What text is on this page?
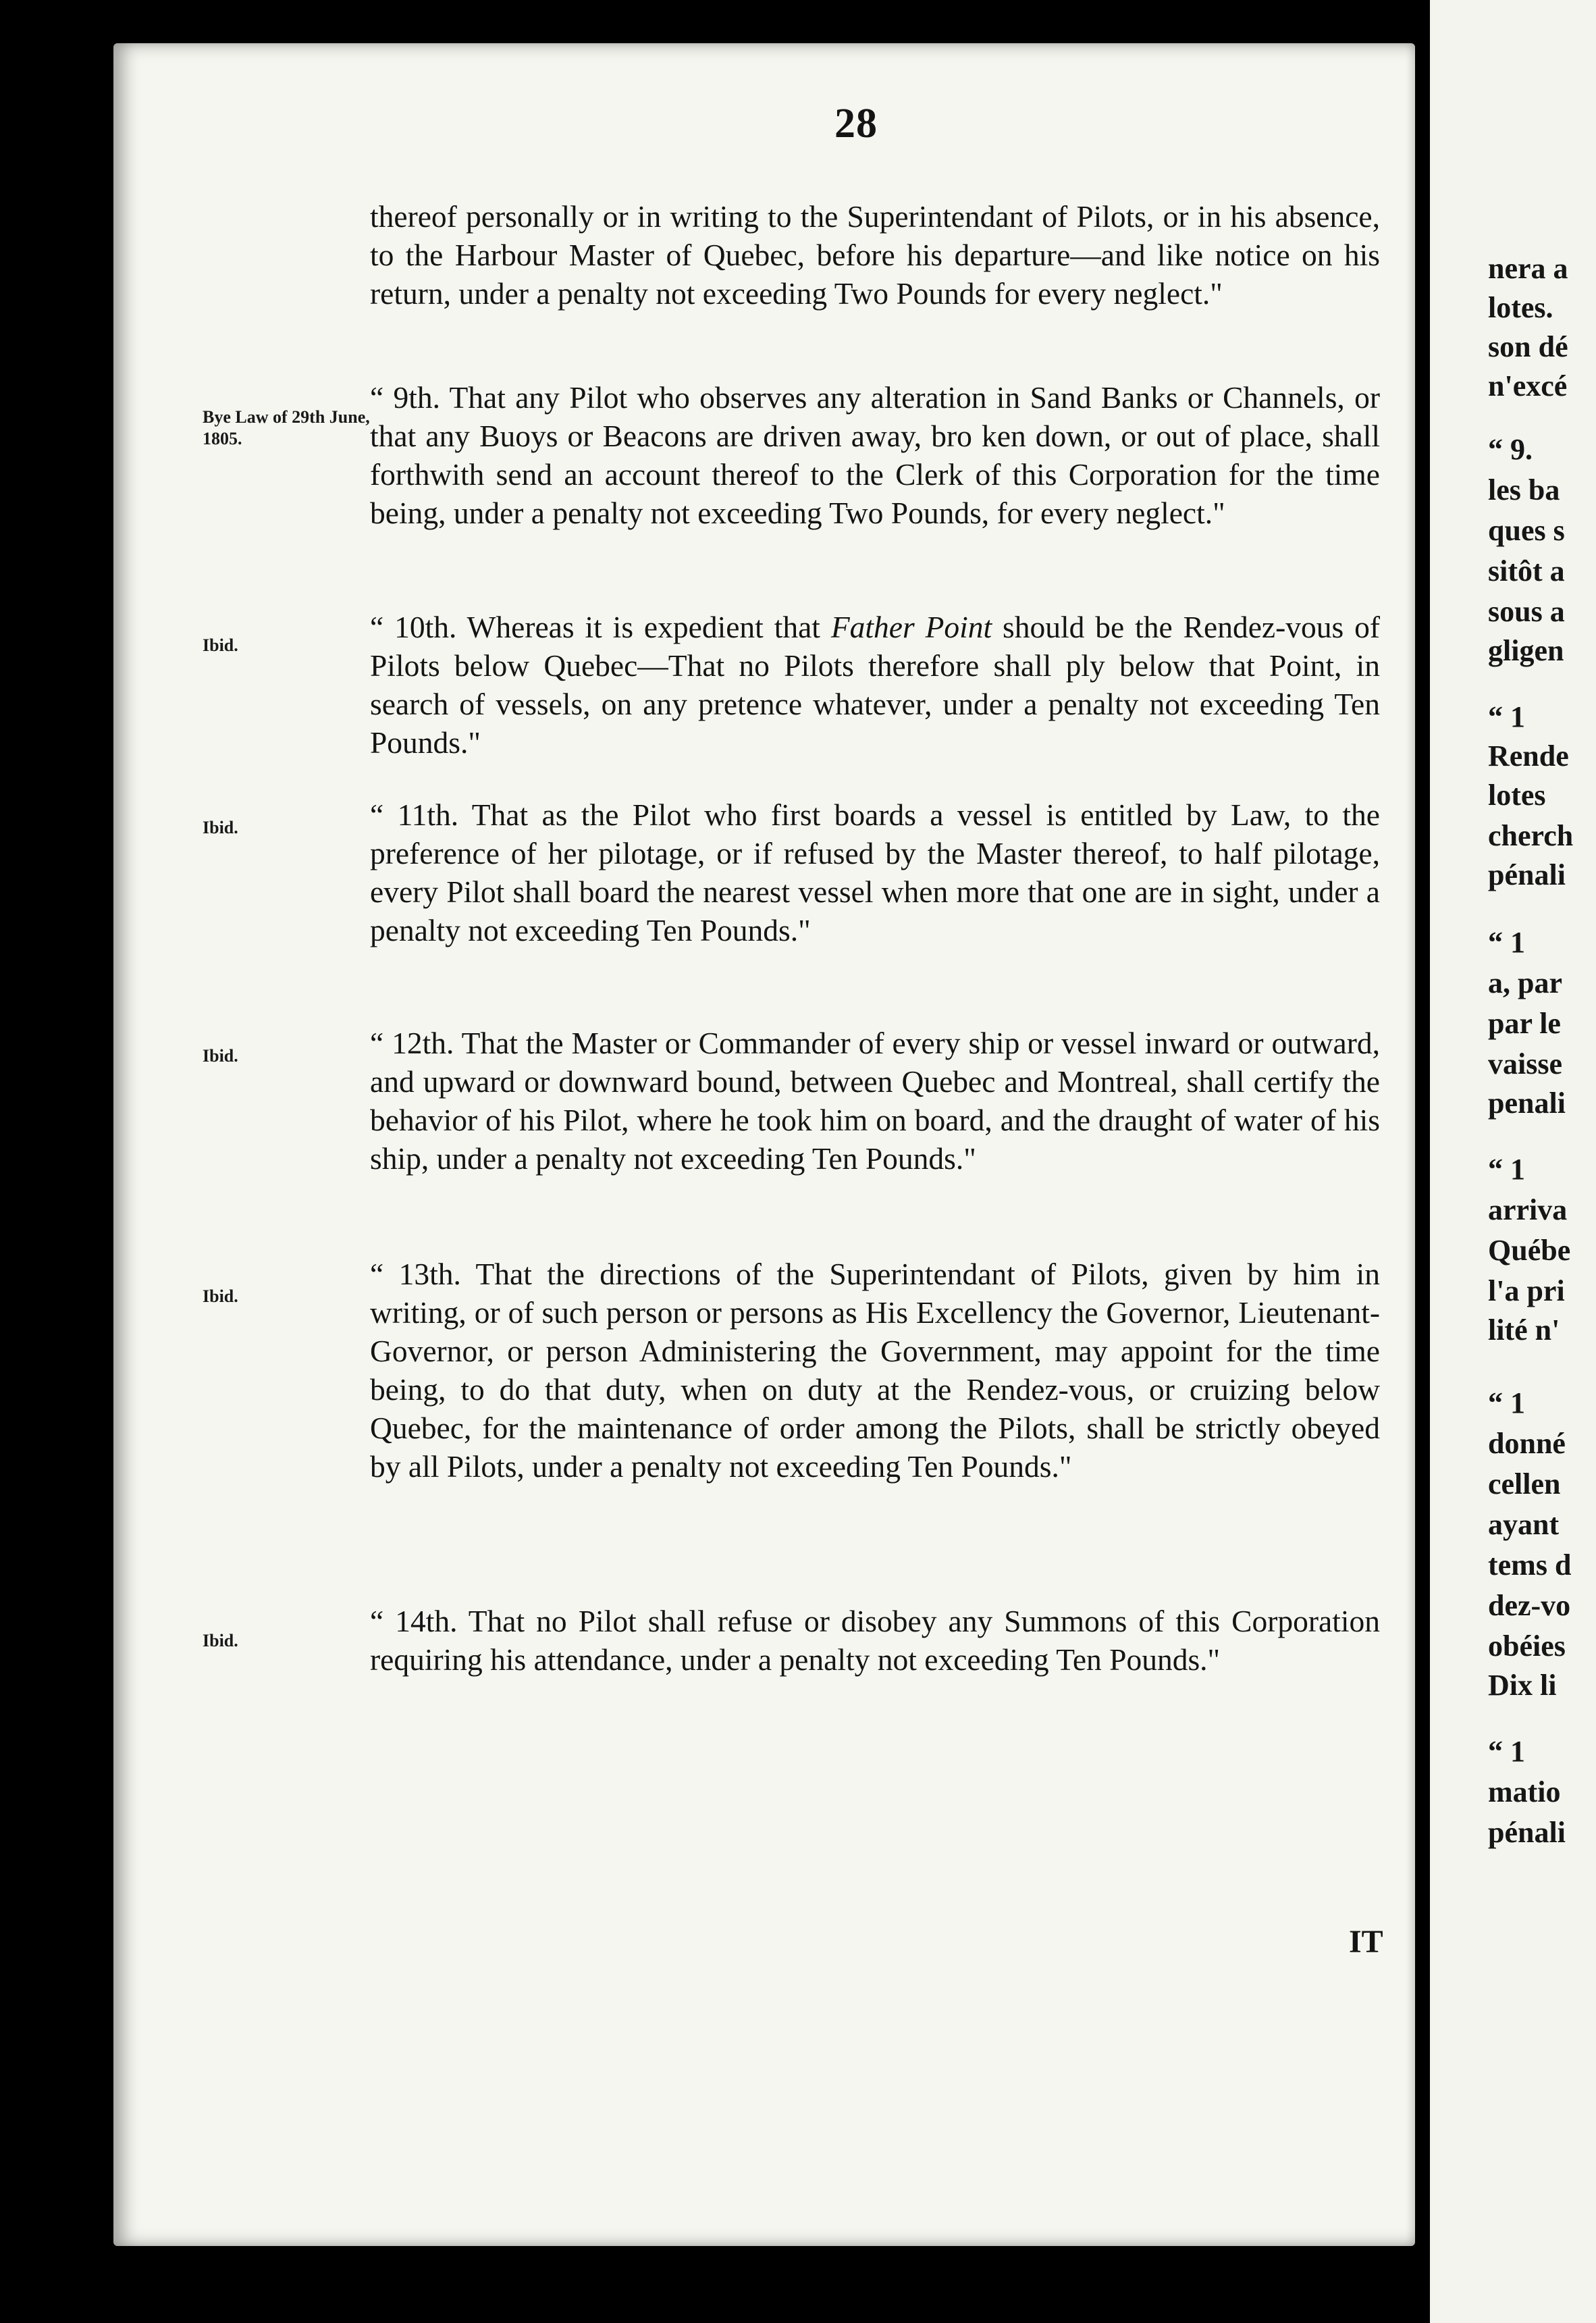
28
thereof personally or in writing to the Superintendant of Pilots, or in his absence, to the Harbour Master of Quebec, before his departure—and like notice on his return, under a penalty not exceeding Two Pounds for every neglect."
Bye Law of 29th June, 1805.
“ 9th. That any Pilot who observes any alteration in Sand Banks or Channels, or that any Buoys or Beacons are driven away, bro ken down, or out of place, shall forthwith send an account thereof to the Clerk of this Corporation for the time being, under a penalty not exceeding Two Pounds, for every neglect."
Ibid.
“ 10th. Whereas it is expedient that Father Point should be the Rendez-vous of Pilots below Quebec—That no Pilots therefore shall ply below that Point, in search of vessels, on any pretence whatever, under a penalty not exceeding Ten Pounds."
Ibid.	“ 11th. That as the Pilot who first boards a vessel is entitled by Law, to the preference of her pilotage, or if refused by the Master thereof, to half pilotage, every Pilot shall board the nearest vessel when more that one are in sight, under a penalty not exceeding Ten Pounds."
Ibid.	“ 12th. That the Master or Commander of every ship or vessel inward or outward, and upward or downward bound, between Quebec and Montreal, shall certify the behavior of his Pilot, where he took him on board, and the draught of water of his ship, under a penalty not exceeding Ten Pounds."
Ibid.
“ 13th. That the directions of the Superintendant of Pilots, given by him in writing, or of such person or persons as His Excellency the Governor, Lieutenant-Governor, or person Administering the Government, may appoint for the time being, to do that duty, when on duty at the Rendez-vous, or cruizing below Quebec, for the maintenance of order among the Pilots, shall be strictly obeyed by all Pilots, under a penalty not exceeding Ten Pounds."
Ibid.
“ 14th. That no Pilot shall refuse or disobey any Summons of this Corporation requiring his attendance, under a penalty not exceeding Ten Pounds."
IT
nera a
lotes.
son dé
n'excé
“ 9.
les ba
ques s
sitôt a
sous a
gligen
“ 1
Rende
lotes
cherch
pénali
“ 1
a, par
par le
vaisse
penali
“ 1
arriva
Québe
l'a pri
lité n'
“ 1
donné
cellen
ayant
tems d
dez-vo
obéies
Dix li
“ 1
matio
pénali
